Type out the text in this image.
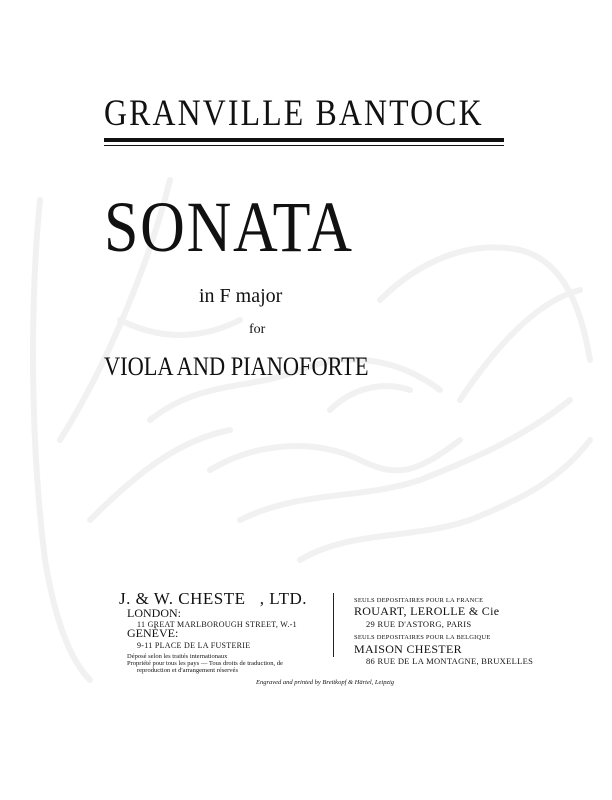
GRANVILLE BANTOCK
SONATA
in F major
for
VIOLA AND PIANOFORTE
J. & W. CHESTE   , LTD.
LONDON:
11 GREAT MARLBOROUGH STREET, W.-1
GENÈVE:
9-11 PLACE DE LA FUSTERIE
Déposé selon les traités internationaux
Propriété pour tous les pays — Tous droits de traduction, de
reproduction et d'arrangement réservés
SEULS DEPOSITAIRES POUR LA FRANCE
ROUART, LEROLLE & Cie
29 RUE D'ASTORG, PARIS
SEULS DEPOSITAIRES POUR LA BELGIQUE
MAISON CHESTER
86 RUE DE LA MONTAGNE, BRUXELLES
Engraved and printed by Breitkopf & Härtel, Leipzig
